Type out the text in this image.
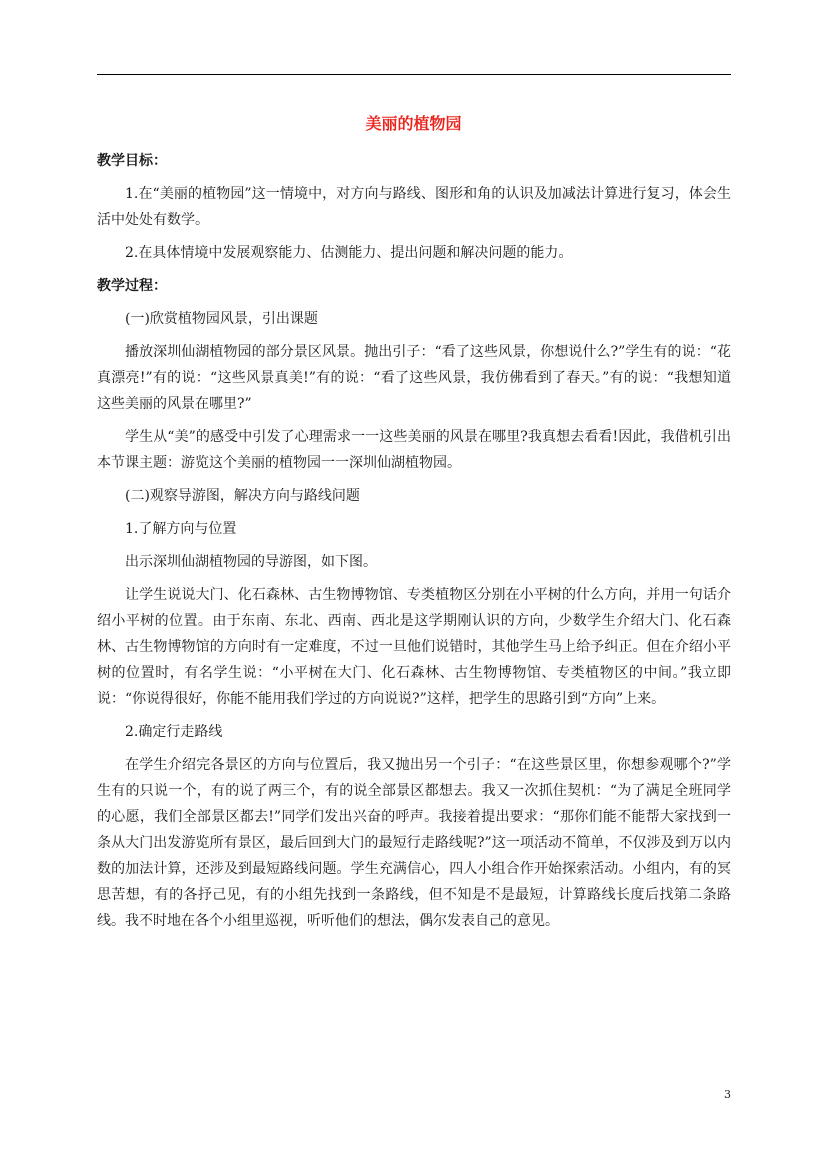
美丽的植物园

教学目标：

1.在“美丽的植物园”这一情境中，对方向与路线、图形和角的认识及加减法计算进行复习，体会生活中处处有数学。

2.在具体情境中发展观察能力、估测能力、提出问题和解决问题的能力。

教学过程：

(一)欣赏植物园风景，引出课题

播放深圳仙湖植物园的部分景区风景。抛出引子：“看了这些风景，你想说什么?”学生有的说：“花真漂亮!”有的说：“这些风景真美!”有的说：“看了这些风景，我仿佛看到了春天。”有的说：“我想知道这些美丽的风景在哪里?”

学生从“美”的感受中引发了心理需求一一这些美丽的风景在哪里?我真想去看看!因此，我借机引出本节课主题：游览这个美丽的植物园一一深圳仙湖植物园。

(二)观察导游图，解决方向与路线问题

1.了解方向与位置

出示深圳仙湖植物园的导游图，如下图。

让学生说说大门、化石森林、古生物博物馆、专类植物区分别在小平树的什么方向，并用一句话介绍小平树的位置。由于东南、东北、西南、西北是这学期刚认识的方向，少数学生介绍大门、化石森林、古生物博物馆的方向时有一定难度，不过一旦他们说错时，其他学生马上给予纠正。但在介绍小平树的位置时，有名学生说：“小平树在大门、化石森林、古生物博物馆、专类植物区的中间。”我立即说：“你说得很好，你能不能用我们学过的方向说说?”这样，把学生的思路引到“方向”上来。

2.确定行走路线

在学生介绍完各景区的方向与位置后，我又抛出另一个引子：“在这些景区里，你想参观哪个?”学生有的只说一个，有的说了两三个，有的说全部景区都想去。我又一次抓住契机：“为了满足全班同学的心愿，我们全部景区都去!”同学们发出兴奋的呼声。我接着提出要求：“那你们能不能帮大家找到一条从大门出发游览所有景区，最后回到大门的最短行走路线呢?”这一项活动不简单，不仅涉及到万以内数的加法计算，还涉及到最短路线问题。学生充满信心，四人小组合作开始探索活动。小组内，有的冥思苦想，有的各抒己见，有的小组先找到一条路线，但不知是不是最短，计算路线长度后找第二条路线。我不时地在各个小组里巡视，听听他们的想法，偶尔发表自己的意见。

3
